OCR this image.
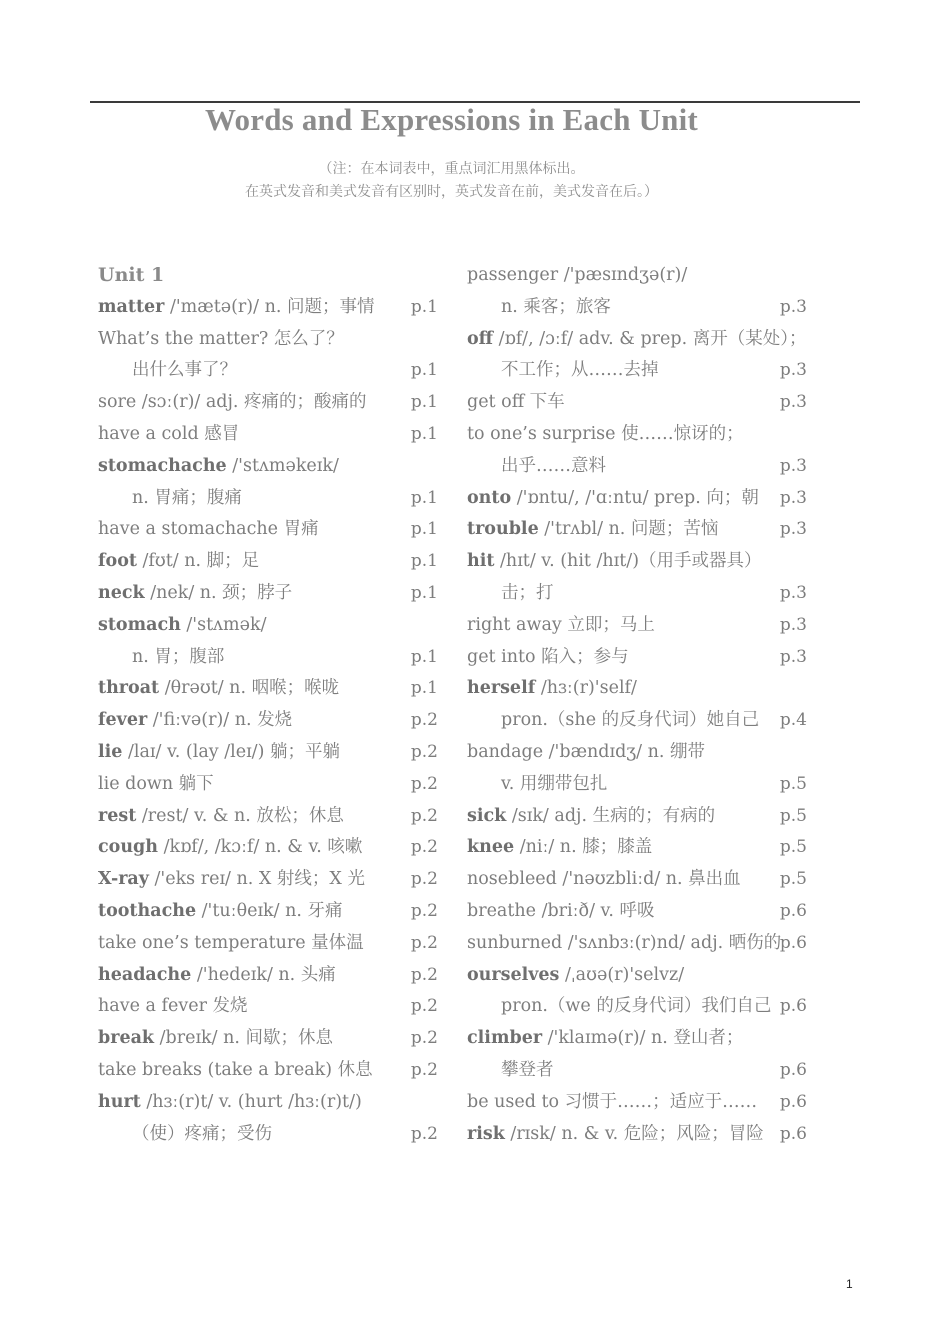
Words and Expressions in Each Unit
（注：在本词表中，重点词汇用黑体标出。
在英式发音和美式发音有区别时，英式发音在前，美式发音在后。）
Unit 1
matter /'mætə(r)/ n. 问题；事情 p.1
What’s the matter? 怎么了？
出什么事了？	p.1
sore /sɔː(r)/ adj. 疼痛的；酸痛的	p.1
have a cold 感冒	p.1
stomachache /'stʌməkeɪk/
n. 胃痛；腹痛	p.1
have a stomachache 胃痛	p.1
foot /fʊt/ n. 脚；足	p.1
neck /nek/ n. 颈；脖子	p.1
stomach /'stʌmək/
n. 胃；腹部	p.1
throat /θrəʊt/ n. 咽喉；喉咙	p.1
fever /'fiːvə(r)/ n. 发烧	p.2
lie /laɪ/ v. (lay /leɪ/) 躺；平躺	p.2
lie down 躺下	p.2
rest /rest/ v. & n. 放松；休息	p.2
cough /kɒf/, /kɔːf/ n. & v. 咳嗽	p.2
X-ray /'eks reɪ/ n. X 射线；X 光	p.2
toothache /'tuːθeɪk/ n. 牙痛	p.2
take one’s temperature 量体温	p.2
headache /'hedeɪk/ n. 头痛	p.2
have a fever 发烧	p.2
break /breɪk/ n. 间歇；休息	p.2
take breaks (take a break) 休息 p.2
hurt /hɜː(r)t/ v. (hurt /hɜː(r)t/)
（使）疼痛；受伤	p.2
passenger /'pæsɪndʒə(r)/
n. 乘客；旅客	p.3
off /ɒf/, /ɔːf/ adv. & prep. 离开（某处）；
不工作；从……去掉	p.3
get off 下车	p.3
to one’s surprise 使……惊讶的；
出乎……意料	p.3
onto /'ɒntu/, /'ɑːntu/ prep. 向；朝 p.3
trouble /'trʌbl/ n. 问题；苦恼	p.3
hit /hɪt/ v. (hit /hɪt/)（用手或器具）
击；打	p.3
right away 立即；马上	p.3
get into 陷入；参与	p.3
herself /hɜː(r)'self/
pron.（she 的反身代词）她自己 p.4
bandage /'bændɪdʒ/ n. 绷带
v. 用绷带包扎	p.5
sick /sɪk/ adj. 生病的；有病的	p.5
knee /niː/ n. 膝；膝盖	p.5
nosebleed /'nəʊzbliːd/ n. 鼻出血 p.5
breathe /briːð/ v. 呼吸	p.6
sunburned /'sʌnbɜː(r)nd/ adj. 晒伤的
p.6
ourselves /ˌaʊə(r)'selvz/
pron.（we 的反身代词）我们自己 p.6
climber /'klaɪmə(r)/ n. 登山者；
攀登者	p.6
be used to 习惯于……；适应于…… p.6
risk /rɪsk/ n. & v. 危险；风险；冒险 p.6
1
